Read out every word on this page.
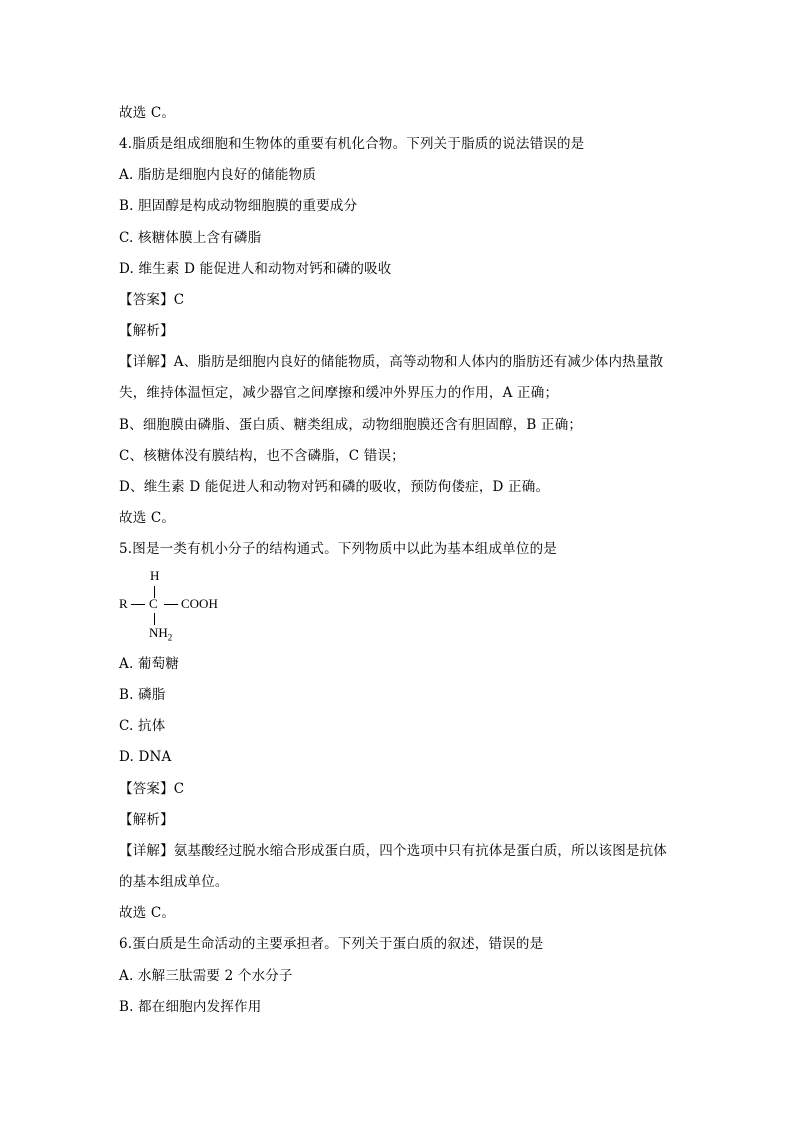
故选 C。
4.脂质是组成细胞和生物体的重要有机化合物。下列关于脂质的说法错误的是
A. 脂肪是细胞内良好的储能物质
B. 胆固醇是构成动物细胞膜的重要成分
C. 核糖体膜上含有磷脂
D. 维生素 D 能促进人和动物对钙和磷的吸收
【答案】C
【解析】
【详解】A、脂肪是细胞内良好的储能物质，高等动物和人体内的脂肪还有减少体内热量散
失，维持体温恒定，减少器官之间摩擦和缓冲外界压力的作用，A 正确；
B、细胞膜由磷脂、蛋白质、糖类组成，动物细胞膜还含有胆固醇，B 正确；
C、核糖体没有膜结构，也不含磷脂，C 错误；
D、维生素 D 能促进人和动物对钙和磷的吸收，预防佝偻症，D 正确。
故选 C。
5.图是一类有机小分子的结构通式。下列物质中以此为基本组成单位的是
H
R C COOH
$NH_2$
A. 葡萄糖
B. 磷脂
C. 抗体
D. DNA
【答案】C
【解析】
【详解】氨基酸经过脱水缩合形成蛋白质，四个选项中只有抗体是蛋白质，所以该图是抗体
的基本组成单位。
故选 C。
6.蛋白质是生命活动的主要承担者。下列关于蛋白质的叙述，错误的是
A. 水解三肽需要 2 个水分子
B. 都在细胞内发挥作用
